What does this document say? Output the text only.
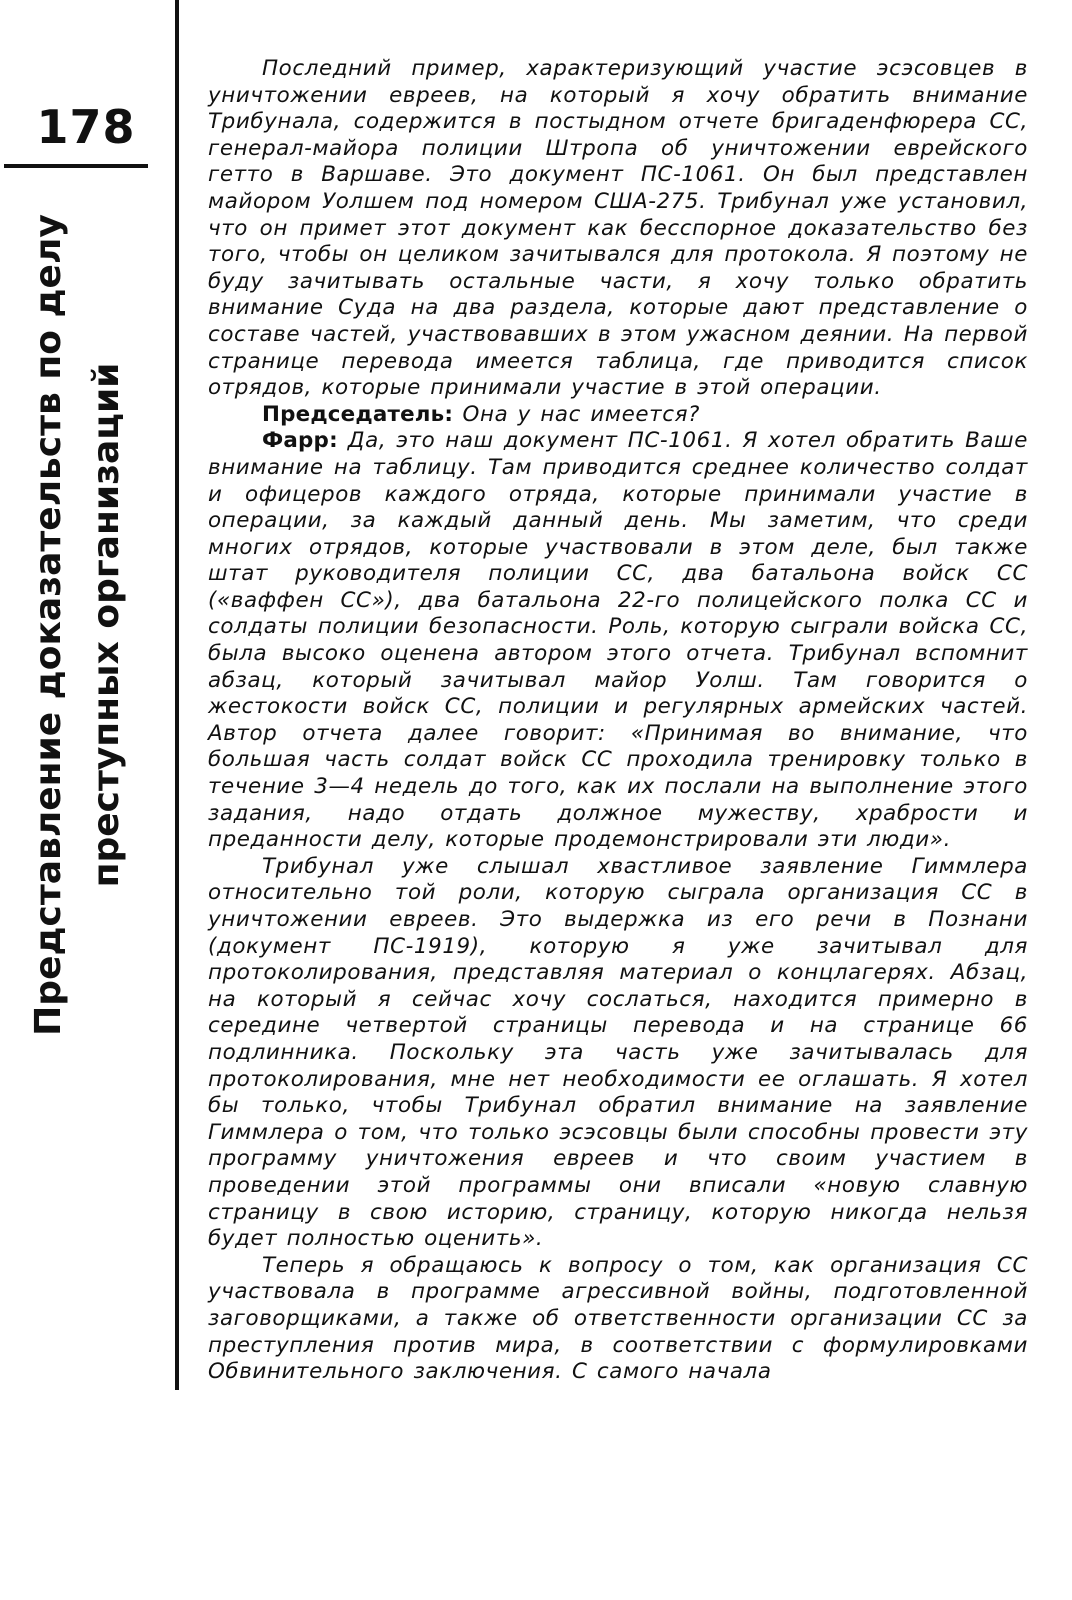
178
Представление доказательств по делу преступных организаций

Последний пример, характеризующий участие эсэсовцев в уничтожении евреев, на который я хочу обратить внимание Трибунала, содержится в постыдном отчете бригаденфюрера СС, генерал-майора полиции Штропа об уничтожении еврейского гетто в Варшаве. Это документ ПС-1061. Он был представлен майором Уолшем под номером США-275. Трибунал уже установил, что он примет этот документ как бесспорное доказательство без того, чтобы он целиком зачитывался для протокола. Я поэтому не буду зачитывать остальные части, я хочу только обратить внимание Суда на два раздела, которые дают представление о составе частей, участвовавших в этом ужасном деянии. На первой странице перевода имеется таблица, где приводится список отрядов, которые принимали участие в этой операции.

Председатель: Она у нас имеется?

Фарр: Да, это наш документ ПС-1061. Я хотел обратить Ваше внимание на таблицу. Там приводится среднее количество солдат и офицеров каждого отряда, которые принимали участие в операции, за каждый данный день. Мы заметим, что среди многих отрядов, которые участвовали в этом деле, был также штат руководителя полиции СС, два батальона войск СС («ваффен СС»), два батальона 22-го полицейского полка СС и солдаты полиции безопасности. Роль, которую сыграли войска СС, была высоко оценена автором этого отчета. Трибунал вспомнит абзац, который зачитывал майор Уолш. Там говорится о жестокости войск СС, полиции и регулярных армейских частей. Автор отчета далее говорит: «Принимая во внимание, что большая часть солдат войск СС проходила тренировку только в течение 3—4 недель до того, как их послали на выполнение этого задания, надо отдать должное мужеству, храбрости и преданности делу, которые продемонстрировали эти люди».

Трибунал уже слышал хвастливое заявление Гиммлера относительно той роли, которую сыграла организация СС в уничтожении евреев. Это выдержка из его речи в Познани (документ ПС-1919), которую я уже зачитывал для протоколирования, представляя материал о концлагерях. Абзац, на который я сейчас хочу сослаться, находится примерно в середине четвертой страницы перевода и на странице 66 подлинника. Поскольку эта часть уже зачитывалась для протоколирования, мне нет необходимости ее оглашать. Я хотел бы только, чтобы Трибунал обратил внимание на заявление Гиммлера о том, что только эсэсовцы были способны провести эту программу уничтожения евреев и что своим участием в проведении этой программы они вписали «новую славную страницу в свою историю, страницу, которую никогда нельзя будет полностью оценить».

Теперь я обращаюсь к вопросу о том, как организация СС участвовала в программе агрессивной войны, подготовленной заговорщиками, а также об ответственности организации СС за преступления против мира, в соответствии с формулировками Обвинительного заключения. С самого начала
